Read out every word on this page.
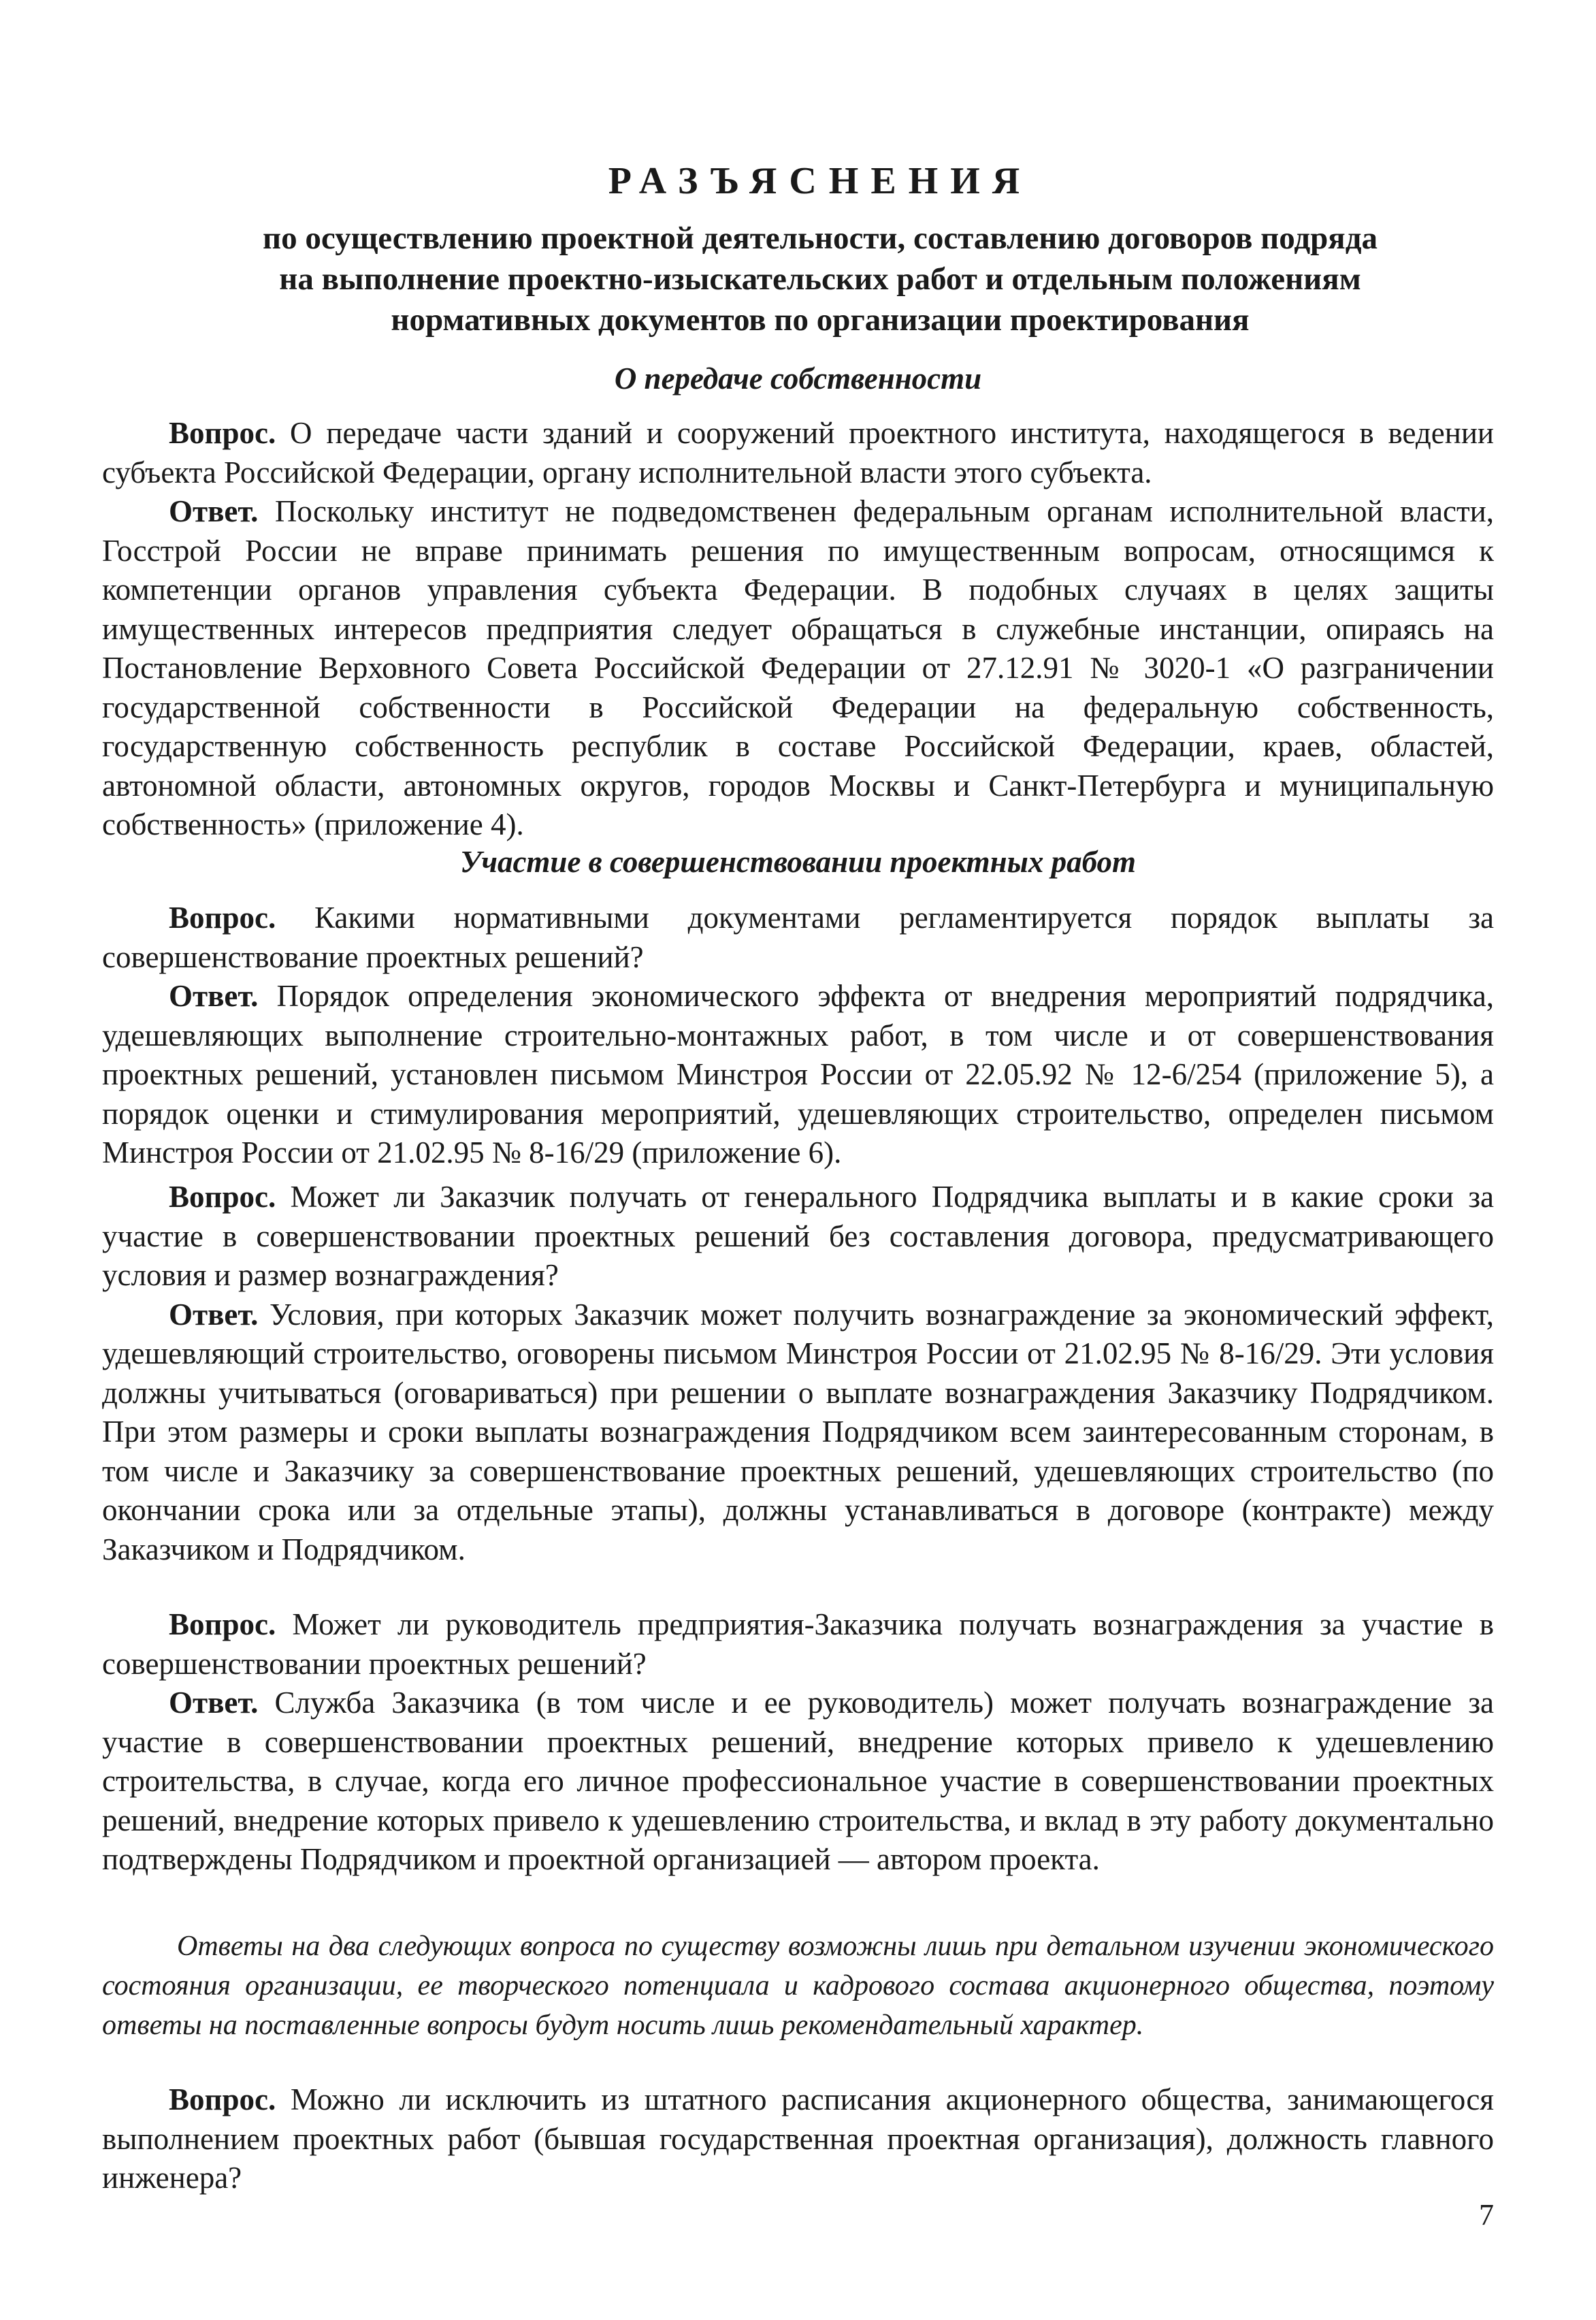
РАЗЪЯСНЕНИЯ
по осуществлению проектной деятельности, составлению договоров подряда
на выполнение проектно-изыскательских работ и отдельным положениям
нормативных документов по организации проектирования
О передаче собственности

Вопрос. О передаче части зданий и сооружений проектного института, находящегося в ведении субъекта Российской Федерации, органу исполнительной власти этого субъекта.

Ответ. Поскольку институт не подведомственен федеральным органам исполнительной власти, Госстрой России не вправе принимать решения по имущественным вопросам, относящимся к компетенции органов управления субъекта Федерации. В подобных случаях в целях защиты имущественных интересов предприятия следует обращаться в служебные инстанции, опираясь на Постановление Верховного Совета Российской Федерации от 27.12.91 № 3020-1 «О разграничении государственной собственности в Российской Федерации на федеральную собственность, государственную собственность республик в составе Российской Федерации, краев, областей, автономной области, автономных округов, городов Москвы и Санкт-Петербурга и муниципальную собственность» (приложение 4).

Участие в совершенствовании проектных работ

Вопрос. Какими нормативными документами регламентируется порядок выплаты за совершенствование проектных решений?

Ответ. Порядок определения экономического эффекта от внедрения мероприятий подрядчика, удешевляющих выполнение строительно-монтажных работ, в том числе и от совершенствования проектных решений, установлен письмом Минстроя России от 22.05.92 № 12-6/254 (приложение 5), а порядок оценки и стимулирования мероприятий, удешевляющих строительство, определен письмом Минстроя России от 21.02.95 № 8-16/29 (приложение 6).

Вопрос. Может ли Заказчик получать от генерального Подрядчика выплаты и в какие сроки за участие в совершенствовании проектных решений без составления договора, предусматривающего условия и размер вознаграждения?

Ответ. Условия, при которых Заказчик может получить вознаграждение за экономический эффект, удешевляющий строительство, оговорены письмом Минстроя России от 21.02.95 № 8-16/29. Эти условия должны учитываться (оговариваться) при решении о выплате вознаграждения Заказчику Подрядчиком. При этом размеры и сроки выплаты вознаграждения Подрядчиком всем заинтересованным сторонам, в том числе и Заказчику за совершенствование проектных решений, удешевляющих строительство (по окончании срока или за отдельные этапы), должны устанавливаться в договоре (контракте) между Заказчиком и Подрядчиком.

Вопрос. Может ли руководитель предприятия-Заказчика получать вознаграждения за участие в совершенствовании проектных решений?

Ответ. Служба Заказчика (в том числе и ее руководитель) может получать вознаграждение за участие в совершенствовании проектных решений, внедрение которых привело к удешевлению строительства, в случае, когда его личное профессиональное участие в совершенствовании проектных решений, внедрение которых привело к удешевлению строительства, и вклад в эту работу документально подтверждены Подрядчиком и проектной организацией — автором проекта.

Ответы на два следующих вопроса по существу возможны лишь при детальном изучении экономического состояния организации, ее творческого потенциала и кадрового состава акционерного общества, поэтому ответы на поставленные вопросы будут носить лишь рекомендательный характер.

Вопрос. Можно ли исключить из штатного расписания акционерного общества, занимающегося выполнением проектных работ (бывшая государственная проектная организация), должность главного инженера?

7
